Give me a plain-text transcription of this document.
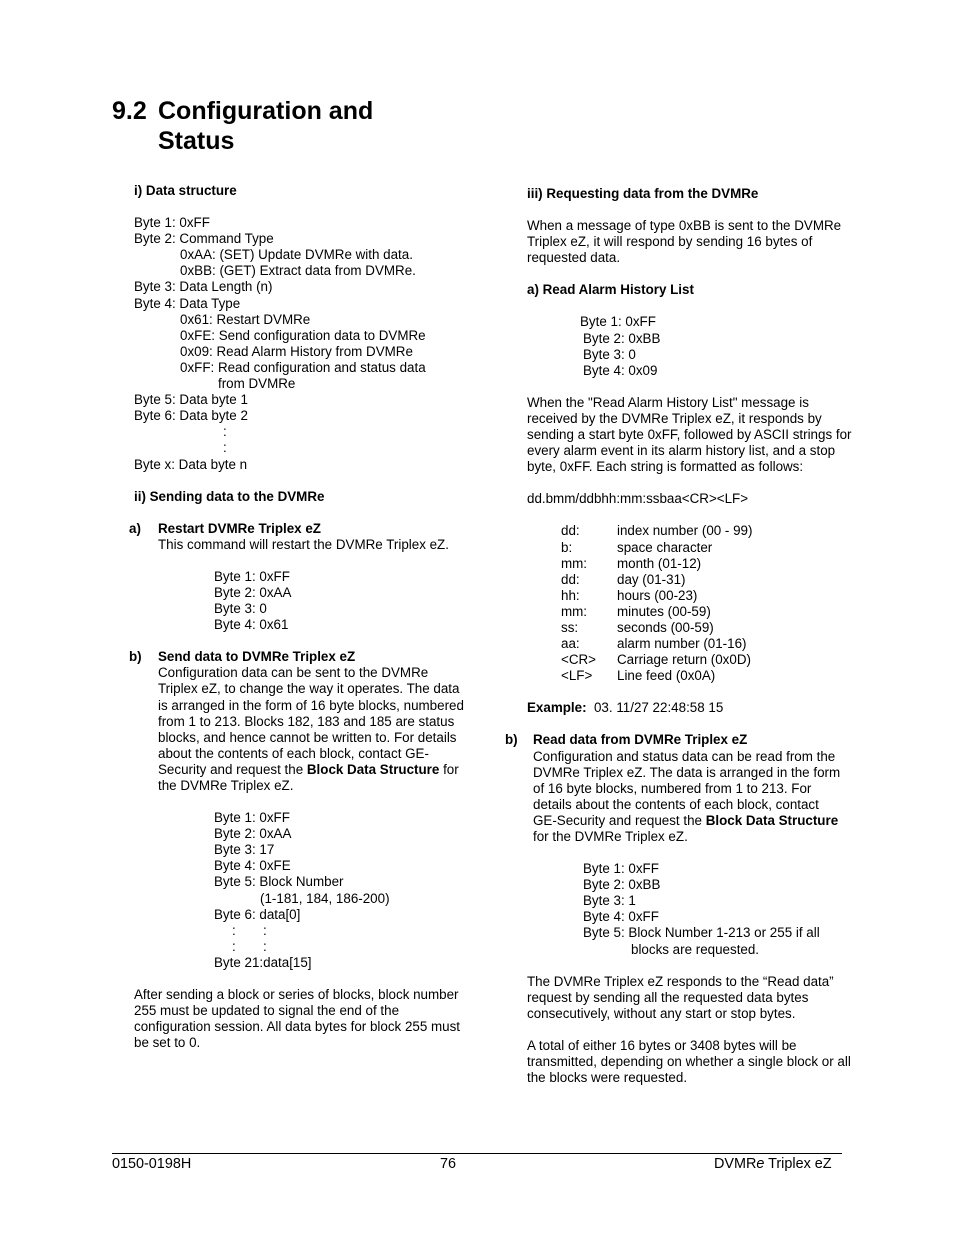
9.2 Configuration and
Status
i) Data structure
Byte 1: 0xFF
Byte 2: Command Type
0xAA: (SET) Update DVMRe with data.
0xBB: (GET) Extract data from DVMRe.
Byte 3: Data Length (n)
Byte 4: Data Type
0x61: Restart DVMRe
0xFE: Send configuration data to DVMRe
0x09: Read Alarm History from DVMRe
0xFF: Read configuration and status data
from DVMRe
Byte 5: Data byte 1
Byte 6: Data byte 2
:
:
Byte x: Data byte n
ii) Sending data to the DVMRe
a) Restart DVMRe Triplex eZ
This command will restart the DVMRe Triplex eZ.
Byte 1: 0xFF
Byte 2: 0xAA
Byte 3: 0
Byte 4: 0x61
b) Send data to DVMRe Triplex eZ
Configuration data can be sent to the DVMRe Triplex eZ, to change the way it operates. The data is arranged in the form of 16 byte blocks, numbered from 1 to 213. Blocks 182, 183 and 185 are status blocks, and hence cannot be written to. For details about the contents of each block, contact GE-Security and request the Block Data Structure for the DVMRe Triplex eZ.
Byte 1: 0xFF
Byte 2: 0xAA
Byte 3: 17
Byte 4: 0xFE
Byte 5: Block Number
(1-181, 184, 186-200)
Byte 6: data[0]
: :
: :
Byte 21:data[15]
After sending a block or series of blocks, block number 255 must be updated to signal the end of the configuration session. All data bytes for block 255 must be set to 0.
iii) Requesting data from the DVMRe
When a message of type 0xBB is sent to the DVMRe Triplex eZ, it will respond by sending 16 bytes of requested data.
a) Read Alarm History List
Byte 1: 0xFF
Byte 2: 0xBB
Byte 3: 0
Byte 4: 0x09
When the "Read Alarm History List" message is received by the DVMRe Triplex eZ, it responds by sending a start byte 0xFF, followed by ASCII strings for every alarm event in its alarm history list, and a stop byte, 0xFF. Each string is formatted as follows:
dd.bmm/ddbhh:mm:ssbaa<CR><LF>
dd:	index number (00 - 99)
b:	space character
mm: month (01-12)
dd:	day (01-31)
hh:	hours (00-23)
mm: minutes (00-59)
ss:	seconds (00-59)
aa:	alarm number (01-16)
<CR> Carriage return (0x0D)
<LF> Line feed (0x0A)
Example:  03. 11/27 22:48:58 15
b) Read data from DVMRe Triplex eZ
Configuration and status data can be read from the DVMRe Triplex eZ. The data is arranged in the form of 16 byte blocks, numbered from 1 to 213. For details about the contents of each block, contact GE-Security and request the Block Data Structure for the DVMRe Triplex eZ.
Byte 1: 0xFF
Byte 2: 0xBB
Byte 3: 1
Byte 4: 0xFF
Byte 5: Block Number 1-213 or 255 if all
blocks are requested.
The DVMRe Triplex eZ responds to the “Read data” request by sending all the requested data bytes consecutively, without any start or stop bytes.
A total of either 16 bytes or 3408 bytes will be transmitted, depending on whether a single block or all the blocks were requested.
0150-0198H	76	DVMRe Triplex eZ
